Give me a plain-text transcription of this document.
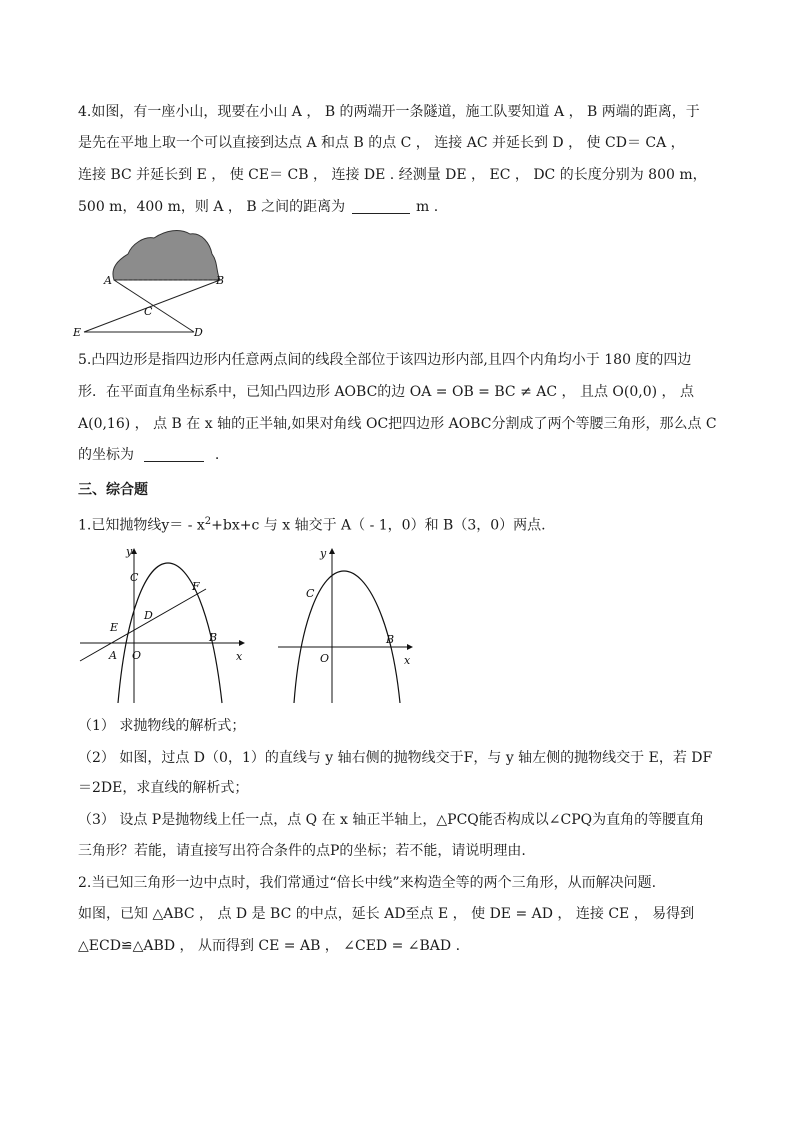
4.如图，有一座小山，现要在小山 A ， B 的两端开一条隧道，施工队要知道 A ， B 两端的距离，于
是先在平地上取一个可以直接到达点 A 和点 B 的点 C ， 连接 AC 并延长到 D ， 使 CD＝ CA ，
连接 BC 并延长到 E ， 使 CE＝ CB ， 连接 DE . 经测量 DE ， EC ， DC 的长度分别为 800 m，
500 m，400 m，则 A ， B 之间的距离为	m .
A	B
C
E	D
5.凸四边形是指四边形内任意两点间的线段全部位于该四边形内部,且四个内角均小于 180 度的四边
形．在平面直角坐标系中，已知凸四边形 AOBC的边 OA = OB = BC ≠ AC ， 且点 O(0,0) ， 点
A(0,16) ， 点 B 在 x 轴的正半轴,如果对角线 OC把四边形 AOBC分割成了两个等腰三角形，那么点 C
的坐标为	.
三、综合题
1.已知抛物线$y= - x^2+bx+c$ 与 x 轴交于 A（ - 1，0）和 B（3，0）两点.
y
x
O
A
B
C
D
E
F
y
x
O
B
C
（1） 求抛物线的解析式；
（2） 如图，过点 D（0，1）的直线与 y 轴右侧的抛物线交于F，与 y 轴左侧的抛物线交于 E，若 DF
＝2DE，求直线的解析式；
（3） 设点 P是抛物线上任一点，点 Q 在 x 轴正半轴上，△PCQ能否构成以∠CPQ为直角的等腰直角
三角形？若能，请直接写出符合条件的点P的坐标；若不能，请说明理由.
2.当已知三角形一边中点时，我们常通过“倍长中线”来构造全等的两个三角形，从而解决问题.
如图，已知 △ABC ， 点 D 是 BC 的中点，延长 AD至点 E ， 使 DE = AD ， 连接 CE ， 易得到
△ECD≌△ABD ， 从而得到 CE = AB ， ∠CED = ∠BAD .
